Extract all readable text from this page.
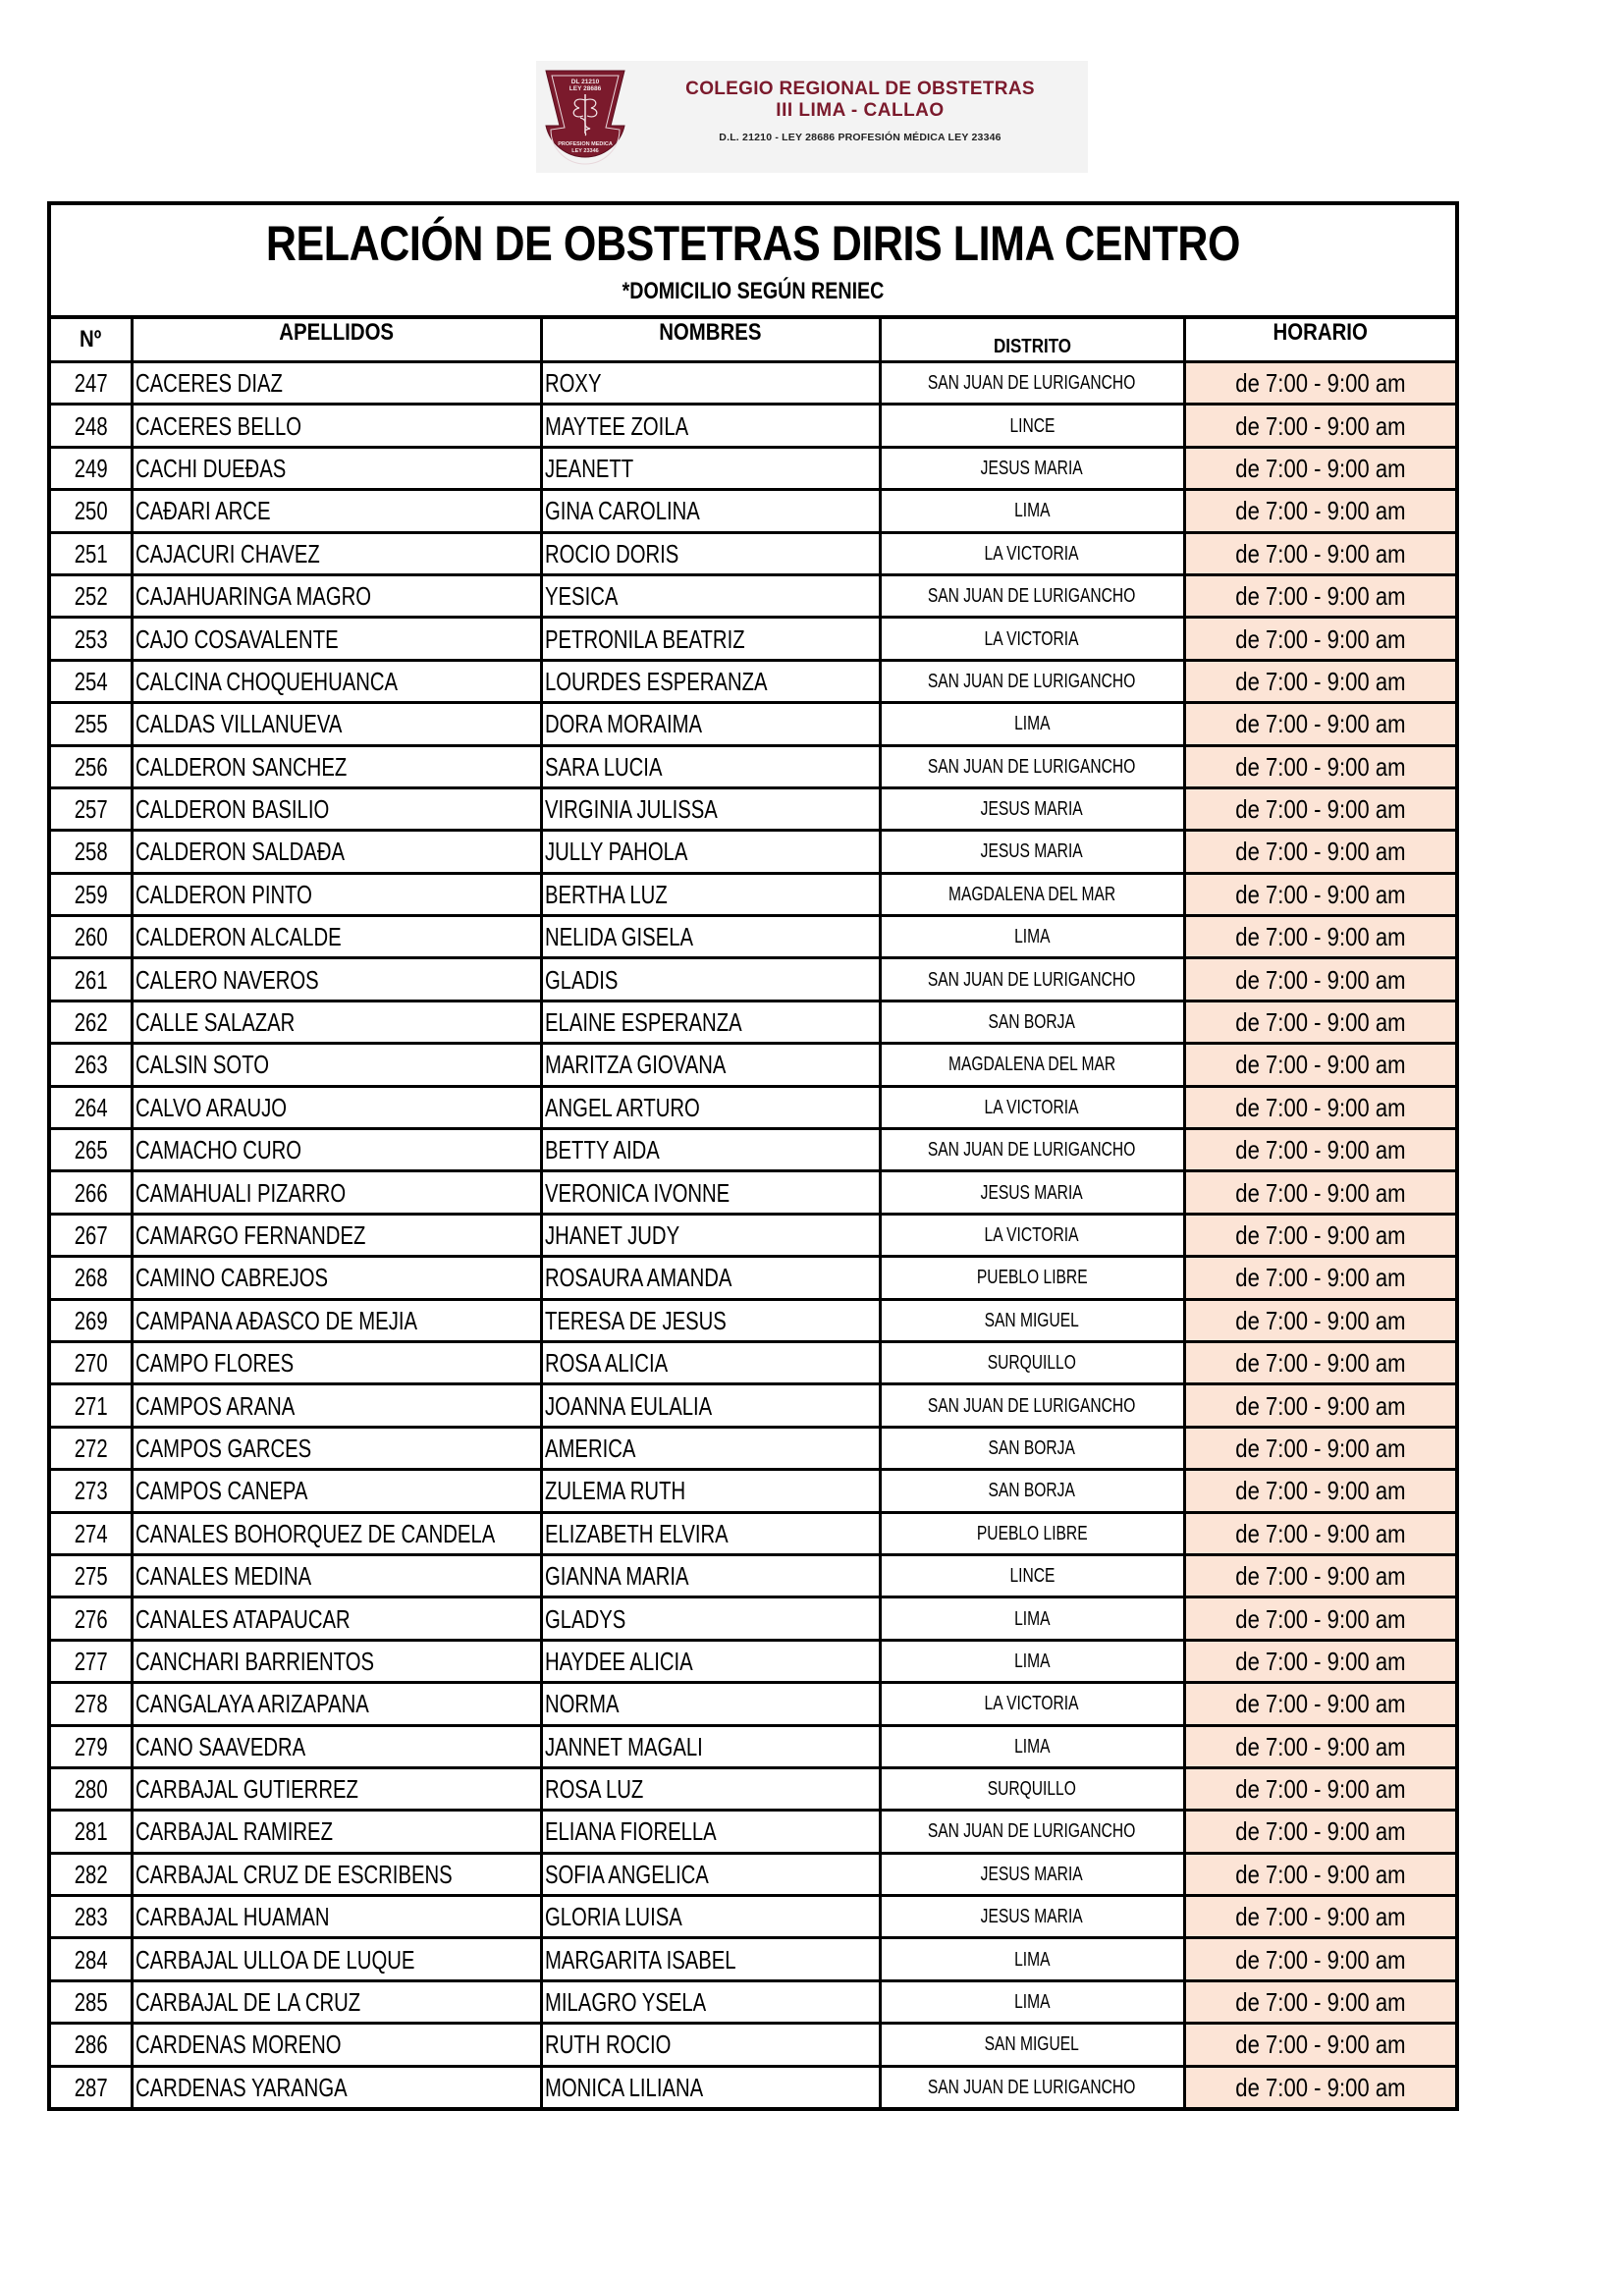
DL 21210
LEY 28686
PROFESION MEDICA
LEY 23346
COLEGIO REGIONAL DE OBSTETRAS
III LIMA - CALLAO
D.L. 21210 - LEY 28686 PROFESIÓN MÉDICA LEY 23346
RELACIÓN DE OBSTETRAS DIRIS LIMA CENTRO
*DOMICILIO SEGÚN RENIEC
Nº	APELLIDOS	NOMBRES	DISTRITO	HORARIO
247	CACERES DIAZ	ROXY	SAN JUAN DE LURIGANCHO	de 7:00 - 9:00 am
248	CACERES BELLO	MAYTEE ZOILA	LINCE	de 7:00 - 9:00 am
249	CACHI DUEĐAS	JEANETT	JESUS MARIA	de 7:00 - 9:00 am
250	CAĐARI ARCE	GINA CAROLINA	LIMA	de 7:00 - 9:00 am
251	CAJACURI CHAVEZ	ROCIO DORIS	LA VICTORIA	de 7:00 - 9:00 am
252	CAJAHUARINGA MAGRO	YESICA	SAN JUAN DE LURIGANCHO	de 7:00 - 9:00 am
253	CAJO COSAVALENTE	PETRONILA BEATRIZ	LA VICTORIA	de 7:00 - 9:00 am
254	CALCINA CHOQUEHUANCA	LOURDES ESPERANZA	SAN JUAN DE LURIGANCHO	de 7:00 - 9:00 am
255	CALDAS VILLANUEVA	DORA MORAIMA	LIMA	de 7:00 - 9:00 am
256	CALDERON SANCHEZ	SARA LUCIA	SAN JUAN DE LURIGANCHO	de 7:00 - 9:00 am
257	CALDERON BASILIO	VIRGINIA JULISSA	JESUS MARIA	de 7:00 - 9:00 am
258	CALDERON SALDAĐA	JULLY PAHOLA	JESUS MARIA	de 7:00 - 9:00 am
259	CALDERON PINTO	BERTHA LUZ	MAGDALENA DEL MAR	de 7:00 - 9:00 am
260	CALDERON ALCALDE	NELIDA GISELA	LIMA	de 7:00 - 9:00 am
261	CALERO NAVEROS	GLADIS	SAN JUAN DE LURIGANCHO	de 7:00 - 9:00 am
262	CALLE SALAZAR	ELAINE ESPERANZA	SAN BORJA	de 7:00 - 9:00 am
263	CALSIN SOTO	MARITZA GIOVANA	MAGDALENA DEL MAR	de 7:00 - 9:00 am
264	CALVO ARAUJO	ANGEL ARTURO	LA VICTORIA	de 7:00 - 9:00 am
265	CAMACHO CURO	BETTY AIDA	SAN JUAN DE LURIGANCHO	de 7:00 - 9:00 am
266	CAMAHUALI PIZARRO	VERONICA IVONNE	JESUS MARIA	de 7:00 - 9:00 am
267	CAMARGO FERNANDEZ	JHANET JUDY	LA VICTORIA	de 7:00 - 9:00 am
268	CAMINO CABREJOS	ROSAURA AMANDA	PUEBLO LIBRE	de 7:00 - 9:00 am
269	CAMPANA AĐASCO DE MEJIA	TERESA DE JESUS	SAN MIGUEL	de 7:00 - 9:00 am
270	CAMPO FLORES	ROSA ALICIA	SURQUILLO	de 7:00 - 9:00 am
271	CAMPOS ARANA	JOANNA EULALIA	SAN JUAN DE LURIGANCHO	de 7:00 - 9:00 am
272	CAMPOS GARCES	AMERICA	SAN BORJA	de 7:00 - 9:00 am
273	CAMPOS CANEPA	ZULEMA RUTH	SAN BORJA	de 7:00 - 9:00 am
274	CANALES BOHORQUEZ DE CANDELA	ELIZABETH ELVIRA	PUEBLO LIBRE	de 7:00 - 9:00 am
275	CANALES MEDINA	GIANNA MARIA	LINCE	de 7:00 - 9:00 am
276	CANALES ATAPAUCAR	GLADYS	LIMA	de 7:00 - 9:00 am
277	CANCHARI BARRIENTOS	HAYDEE ALICIA	LIMA	de 7:00 - 9:00 am
278	CANGALAYA ARIZAPANA	NORMA	LA VICTORIA	de 7:00 - 9:00 am
279	CANO SAAVEDRA	JANNET MAGALI	LIMA	de 7:00 - 9:00 am
280	CARBAJAL GUTIERREZ	ROSA LUZ	SURQUILLO	de 7:00 - 9:00 am
281	CARBAJAL RAMIREZ	ELIANA FIORELLA	SAN JUAN DE LURIGANCHO	de 7:00 - 9:00 am
282	CARBAJAL CRUZ DE ESCRIBENS	SOFIA ANGELICA	JESUS MARIA	de 7:00 - 9:00 am
283	CARBAJAL HUAMAN	GLORIA LUISA	JESUS MARIA	de 7:00 - 9:00 am
284	CARBAJAL ULLOA DE LUQUE	MARGARITA ISABEL	LIMA	de 7:00 - 9:00 am
285	CARBAJAL DE LA CRUZ	MILAGRO YSELA	LIMA	de 7:00 - 9:00 am
286	CARDENAS MORENO	RUTH ROCIO	SAN MIGUEL	de 7:00 - 9:00 am
287	CARDENAS YARANGA	MONICA LILIANA	SAN JUAN DE LURIGANCHO	de 7:00 - 9:00 am
